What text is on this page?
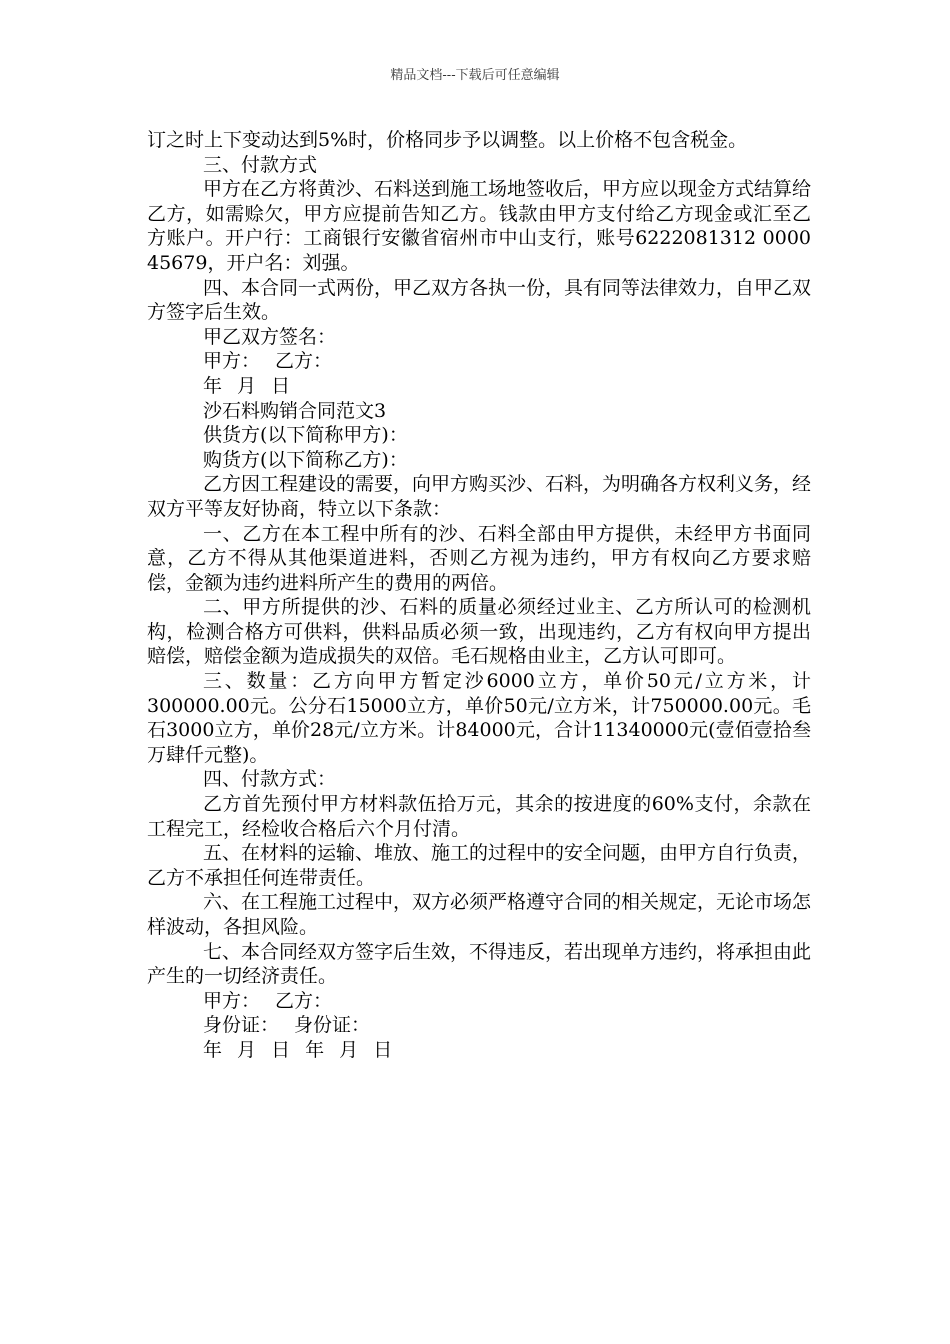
精品文档---下载后可任意编辑

订之时上下变动达到5%时，价格同步予以调整。以上价格不包含税金。

三、付款方式

甲方在乙方将黄沙、石料送到施工场地签收后，甲方应以现金方式结算给乙方，如需赊欠，甲方应提前告知乙方。钱款由甲方支付给乙方现金或汇至乙方账户。开户行：工商银行安徽省宿州市中山支行，账号6222081312 0000 45679，开户名：刘强。

四、本合同一式两份，甲乙双方各执一份，具有同等法律效力，自甲乙双方签字后生效。

甲乙双方签名：

甲方： 乙方：

年 月 日

沙石料购销合同范文3

供货方(以下简称甲方)：

购货方(以下简称乙方)：

乙方因工程建设的需要，向甲方购买沙、石料，为明确各方权利义务，经双方平等友好协商，特立以下条款：

一、乙方在本工程中所有的沙、石料全部由甲方提供，未经甲方书面同意，乙方不得从其他渠道进料，否则乙方视为违约，甲方有权向乙方要求赔偿，金额为违约进料所产生的费用的两倍。

二、甲方所提供的沙、石料的质量必须经过业主、乙方所认可的检测机构，检测合格方可供料，供料品质必须一致，出现违约，乙方有权向甲方提出赔偿，赔偿金额为造成损失的双倍。毛石规格由业主，乙方认可即可。

三、数量：乙方向甲方暂定沙6000立方，单价50元/立方米，计300000.00元。公分石15000立方，单价50元/立方米，计750000.00元。毛石3000立方，单价28元/立方米。计84000元，合计11340000元(壹佰壹拾叁万肆仟元整)。

四、付款方式：

乙方首先预付甲方材料款伍拾万元，其余的按进度的60%支付，余款在工程完工，经检收合格后六个月付清。

五、在材料的运输、堆放、施工的过程中的安全问题，由甲方自行负责，乙方不承担任何连带责任。

六、在工程施工过程中，双方必须严格遵守合同的相关规定，无论市场怎样波动，各担风险。

七、本合同经双方签字后生效，不得违反，若出现单方违约，将承担由此产生的一切经济责任。

甲方： 乙方：

身份证： 身份证：

年 月 日 年 月 日
